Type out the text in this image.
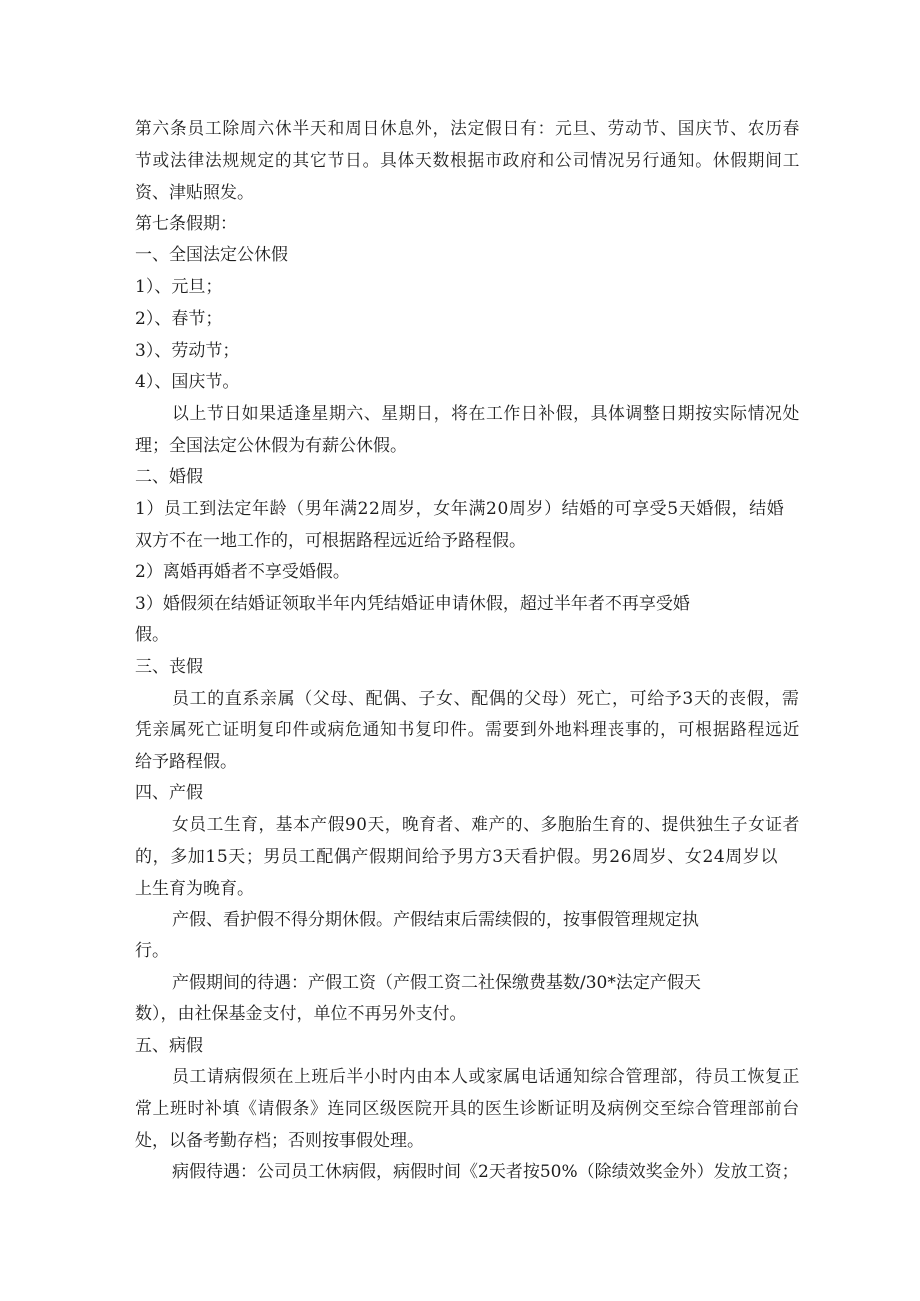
第六条员工除周六休半天和周日休息外，法定假日有：元旦、劳动节、国庆节、农历春
节或法律法规规定的其它节日。具体天数根据市政府和公司情况另行通知。休假期间工
资、津贴照发。
第七条假期：
一、全国法定公休假
1）、元旦；
2）、春节；
3）、劳动节；
4）、国庆节。
以上节日如果适逢星期六、星期日，将在工作日补假，具体调整日期按实际情况处
理；全国法定公休假为有薪公休假。
二、婚假
1）员工到法定年龄（男年满22周岁，女年满20周岁）结婚的可享受5天婚假，结婚
双方不在一地工作的，可根据路程远近给予路程假。
2）离婚再婚者不享受婚假。
3）婚假须在结婚证领取半年内凭结婚证申请休假，超过半年者不再享受婚
假。
三、丧假
员工的直系亲属（父母、配偶、子女、配偶的父母）死亡，可给予3天的丧假，需
凭亲属死亡证明复印件或病危通知书复印件。需要到外地料理丧事的，可根据路程远近
给予路程假。
四、产假
女员工生育，基本产假90天，晚育者、难产的、多胞胎生育的、提供独生子女证者
的，多加15天；男员工配偶产假期间给予男方3天看护假。男26周岁、女24周岁以
上生育为晚育。
产假、看护假不得分期休假。产假结束后需续假的，按事假管理规定执
行。
产假期间的待遇：产假工资（产假工资二社保缴费基数/30*法定产假天
数），由社保基金支付，单位不再另外支付。
五、病假
员工请病假须在上班后半小时内由本人或家属电话通知综合管理部，待员工恢复正
常上班时补填《请假条》连同区级医院开具的医生诊断证明及病例交至综合管理部前台
处，以备考勤存档；否则按事假处理。
病假待遇：公司员工休病假，病假时间《2天者按50%（除绩效奖金外）发放工资；
